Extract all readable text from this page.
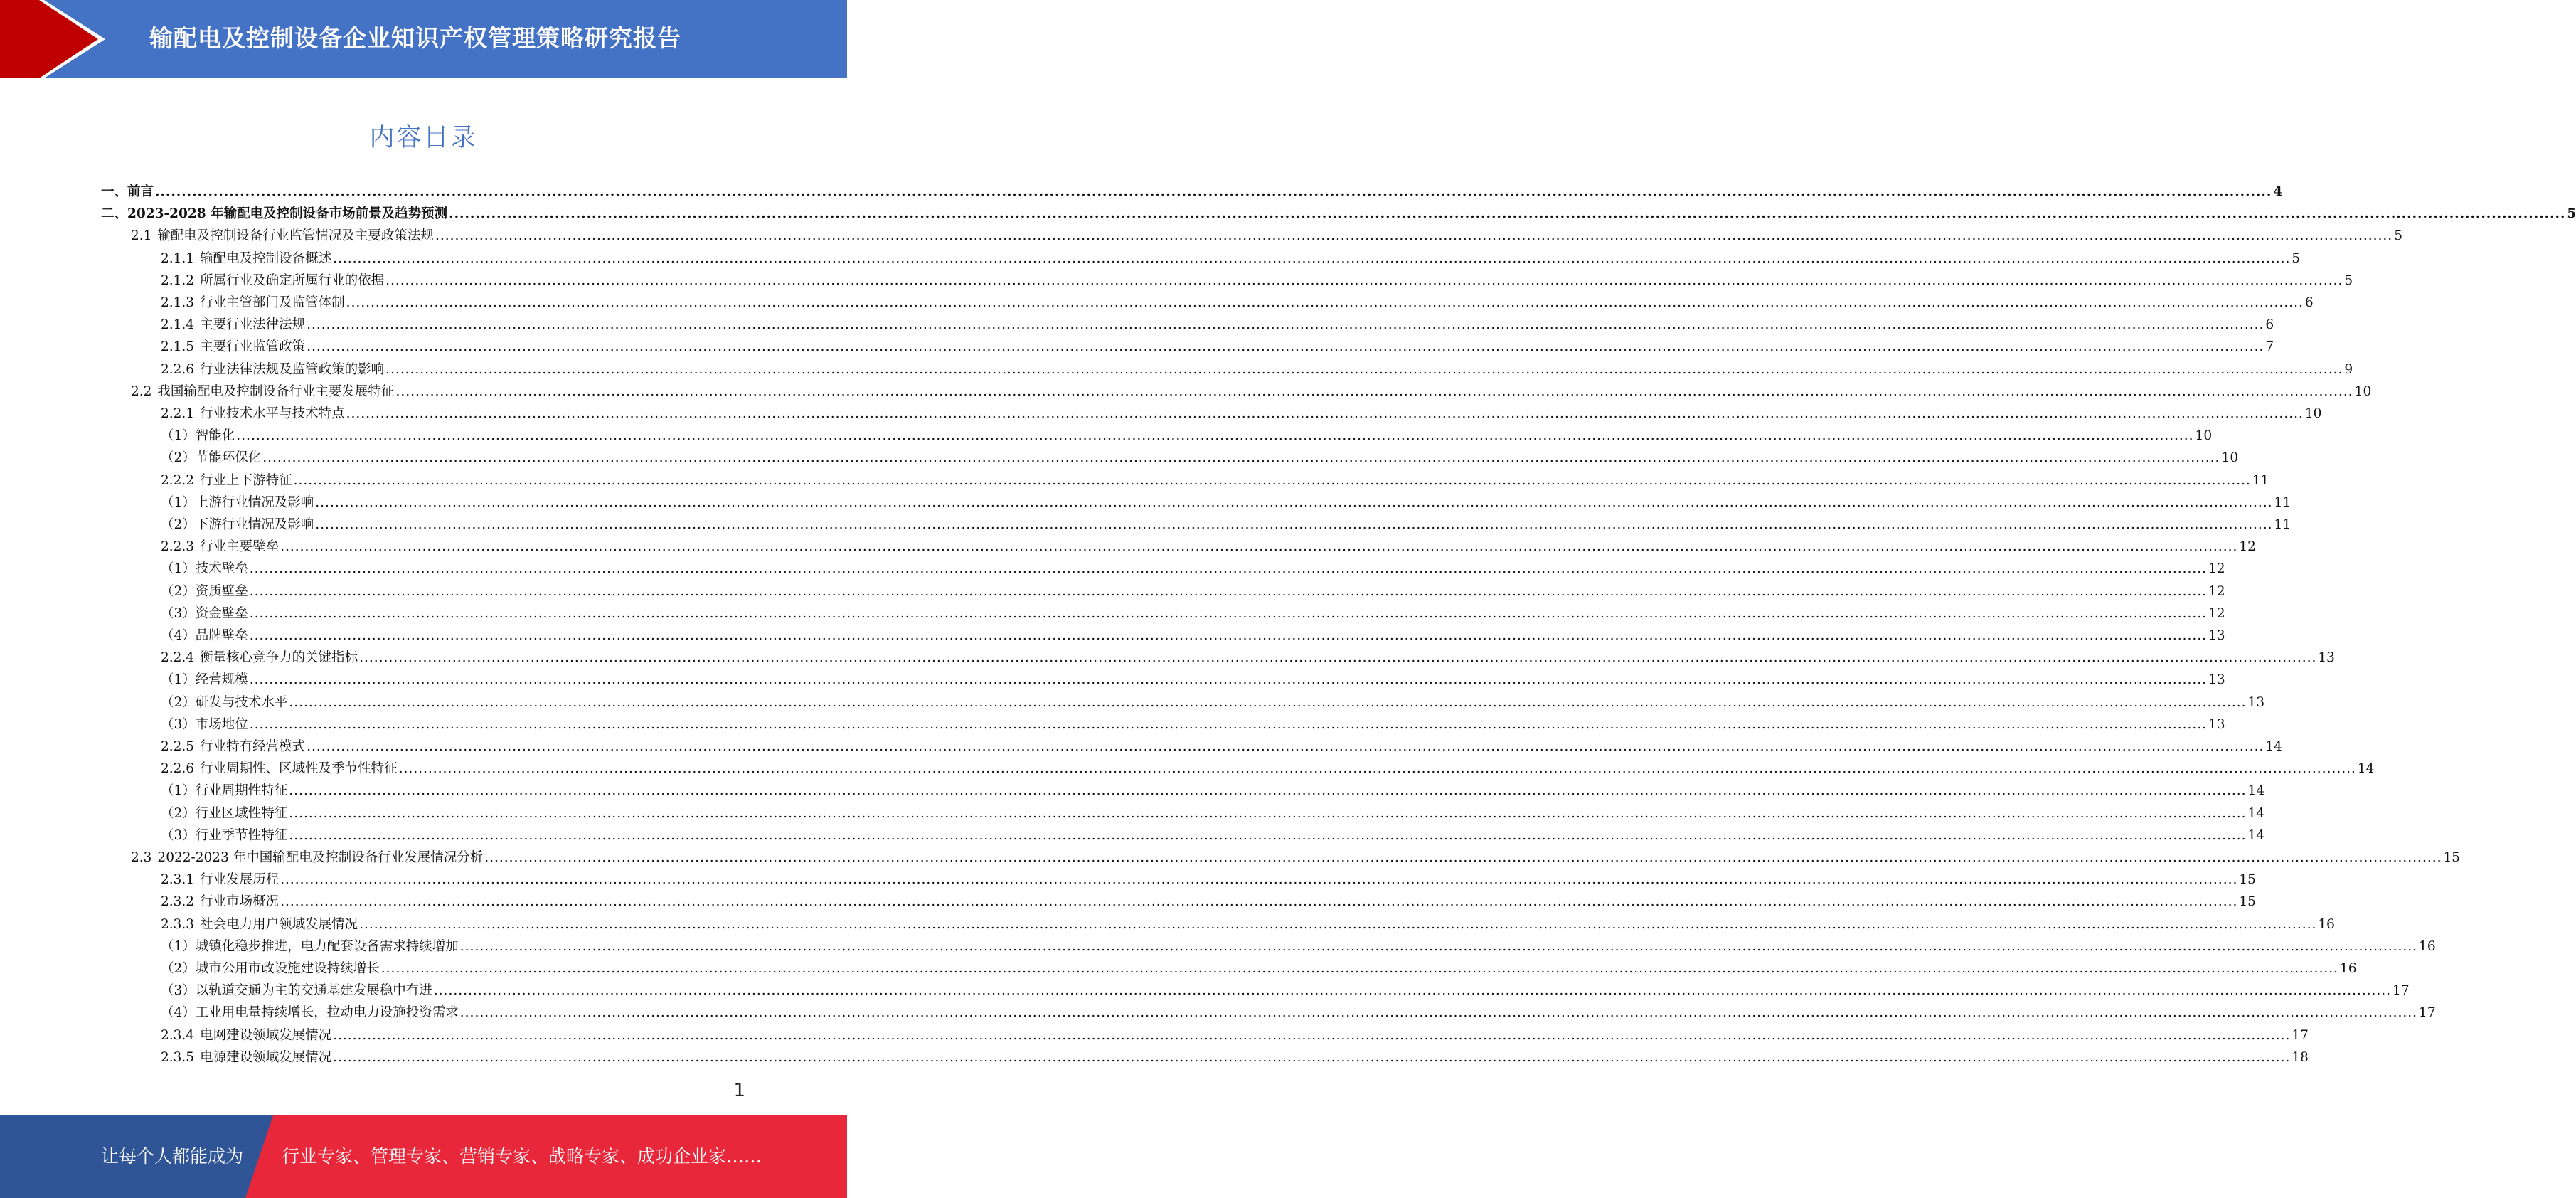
输配电及控制设备企业知识产权管理策略研究报告
内容目录
一、前言 ................................................................................................................................................................................................................................................................................................................................................................................................................ 4
二、2023-2028 年输配电及控制设备市场前景及趋势预测 ................................................................................................................................................................................................................................................................................................................................................................................................................ 5
2.1 输配电及控制设备行业监管情况及主要政策法规 ................................................................................................................................................................................................................................................................................................................................................................................................................ 5
2.1.1 输配电及控制设备概述 ................................................................................................................................................................................................................................................................................................................................................................................................................ 5
2.1.2 所属行业及确定所属行业的依据 ................................................................................................................................................................................................................................................................................................................................................................................................................ 5
2.1.3 行业主管部门及监管体制 ................................................................................................................................................................................................................................................................................................................................................................................................................ 6
2.1.4 主要行业法律法规 ................................................................................................................................................................................................................................................................................................................................................................................................................ 6
2.1.5 主要行业监管政策 ................................................................................................................................................................................................................................................................................................................................................................................................................ 7
2.2.6 行业法律法规及监管政策的影响 ................................................................................................................................................................................................................................................................................................................................................................................................................ 9
2.2 我国输配电及控制设备行业主要发展特征 ................................................................................................................................................................................................................................................................................................................................................................................................................ 10
2.2.1 行业技术水平与技术特点 ................................................................................................................................................................................................................................................................................................................................................................................................................ 10
（1）智能化 ................................................................................................................................................................................................................................................................................................................................................................................................................ 10
（2）节能环保化 ................................................................................................................................................................................................................................................................................................................................................................................................................ 10
2.2.2 行业上下游特征 ................................................................................................................................................................................................................................................................................................................................................................................................................ 11
（1）上游行业情况及影响 ................................................................................................................................................................................................................................................................................................................................................................................................................ 11
（2）下游行业情况及影响 ................................................................................................................................................................................................................................................................................................................................................................................................................ 11
2.2.3 行业主要壁垒 ................................................................................................................................................................................................................................................................................................................................................................................................................ 12
（1）技术壁垒 ................................................................................................................................................................................................................................................................................................................................................................................................................ 12
（2）资质壁垒 ................................................................................................................................................................................................................................................................................................................................................................................................................ 12
（3）资金壁垒 ................................................................................................................................................................................................................................................................................................................................................................................................................ 12
（4）品牌壁垒 ................................................................................................................................................................................................................................................................................................................................................................................................................ 13
2.2.4 衡量核心竞争力的关键指标 ................................................................................................................................................................................................................................................................................................................................................................................................................ 13
（1）经营规模 ................................................................................................................................................................................................................................................................................................................................................................................................................ 13
（2）研发与技术水平 ................................................................................................................................................................................................................................................................................................................................................................................................................ 13
（3）市场地位 ................................................................................................................................................................................................................................................................................................................................................................................................................ 13
2.2.5 行业特有经营模式 ................................................................................................................................................................................................................................................................................................................................................................................................................ 14
2.2.6 行业周期性、区域性及季节性特征 ................................................................................................................................................................................................................................................................................................................................................................................................................ 14
（1）行业周期性特征 ................................................................................................................................................................................................................................................................................................................................................................................................................ 14
（2）行业区域性特征 ................................................................................................................................................................................................................................................................................................................................................................................................................ 14
（3）行业季节性特征 ................................................................................................................................................................................................................................................................................................................................................................................................................ 14
2.3 2022-2023 年中国输配电及控制设备行业发展情况分析 ................................................................................................................................................................................................................................................................................................................................................................................................................ 15
2.3.1 行业发展历程 ................................................................................................................................................................................................................................................................................................................................................................................................................ 15
2.3.2 行业市场概况 ................................................................................................................................................................................................................................................................................................................................................................................................................ 15
2.3.3 社会电力用户领域发展情况 ................................................................................................................................................................................................................................................................................................................................................................................................................ 16
（1）城镇化稳步推进，电力配套设备需求持续增加 ................................................................................................................................................................................................................................................................................................................................................................................................................ 16
（2）城市公用市政设施建设持续增长 ................................................................................................................................................................................................................................................................................................................................................................................................................ 16
（3）以轨道交通为主的交通基建发展稳中有进 ................................................................................................................................................................................................................................................................................................................................................................................................................ 17
（4）工业用电量持续增长，拉动电力设施投资需求 ................................................................................................................................................................................................................................................................................................................................................................................................................ 17
2.3.4 电网建设领域发展情况 ................................................................................................................................................................................................................................................................................................................................................................................................................ 17
2.3.5 电源建设领域发展情况 ................................................................................................................................................................................................................................................................................................................................................................................................................ 18
1
让每个人都能成为 行业专家、管理专家、营销专家、战略专家、成功企业家……
